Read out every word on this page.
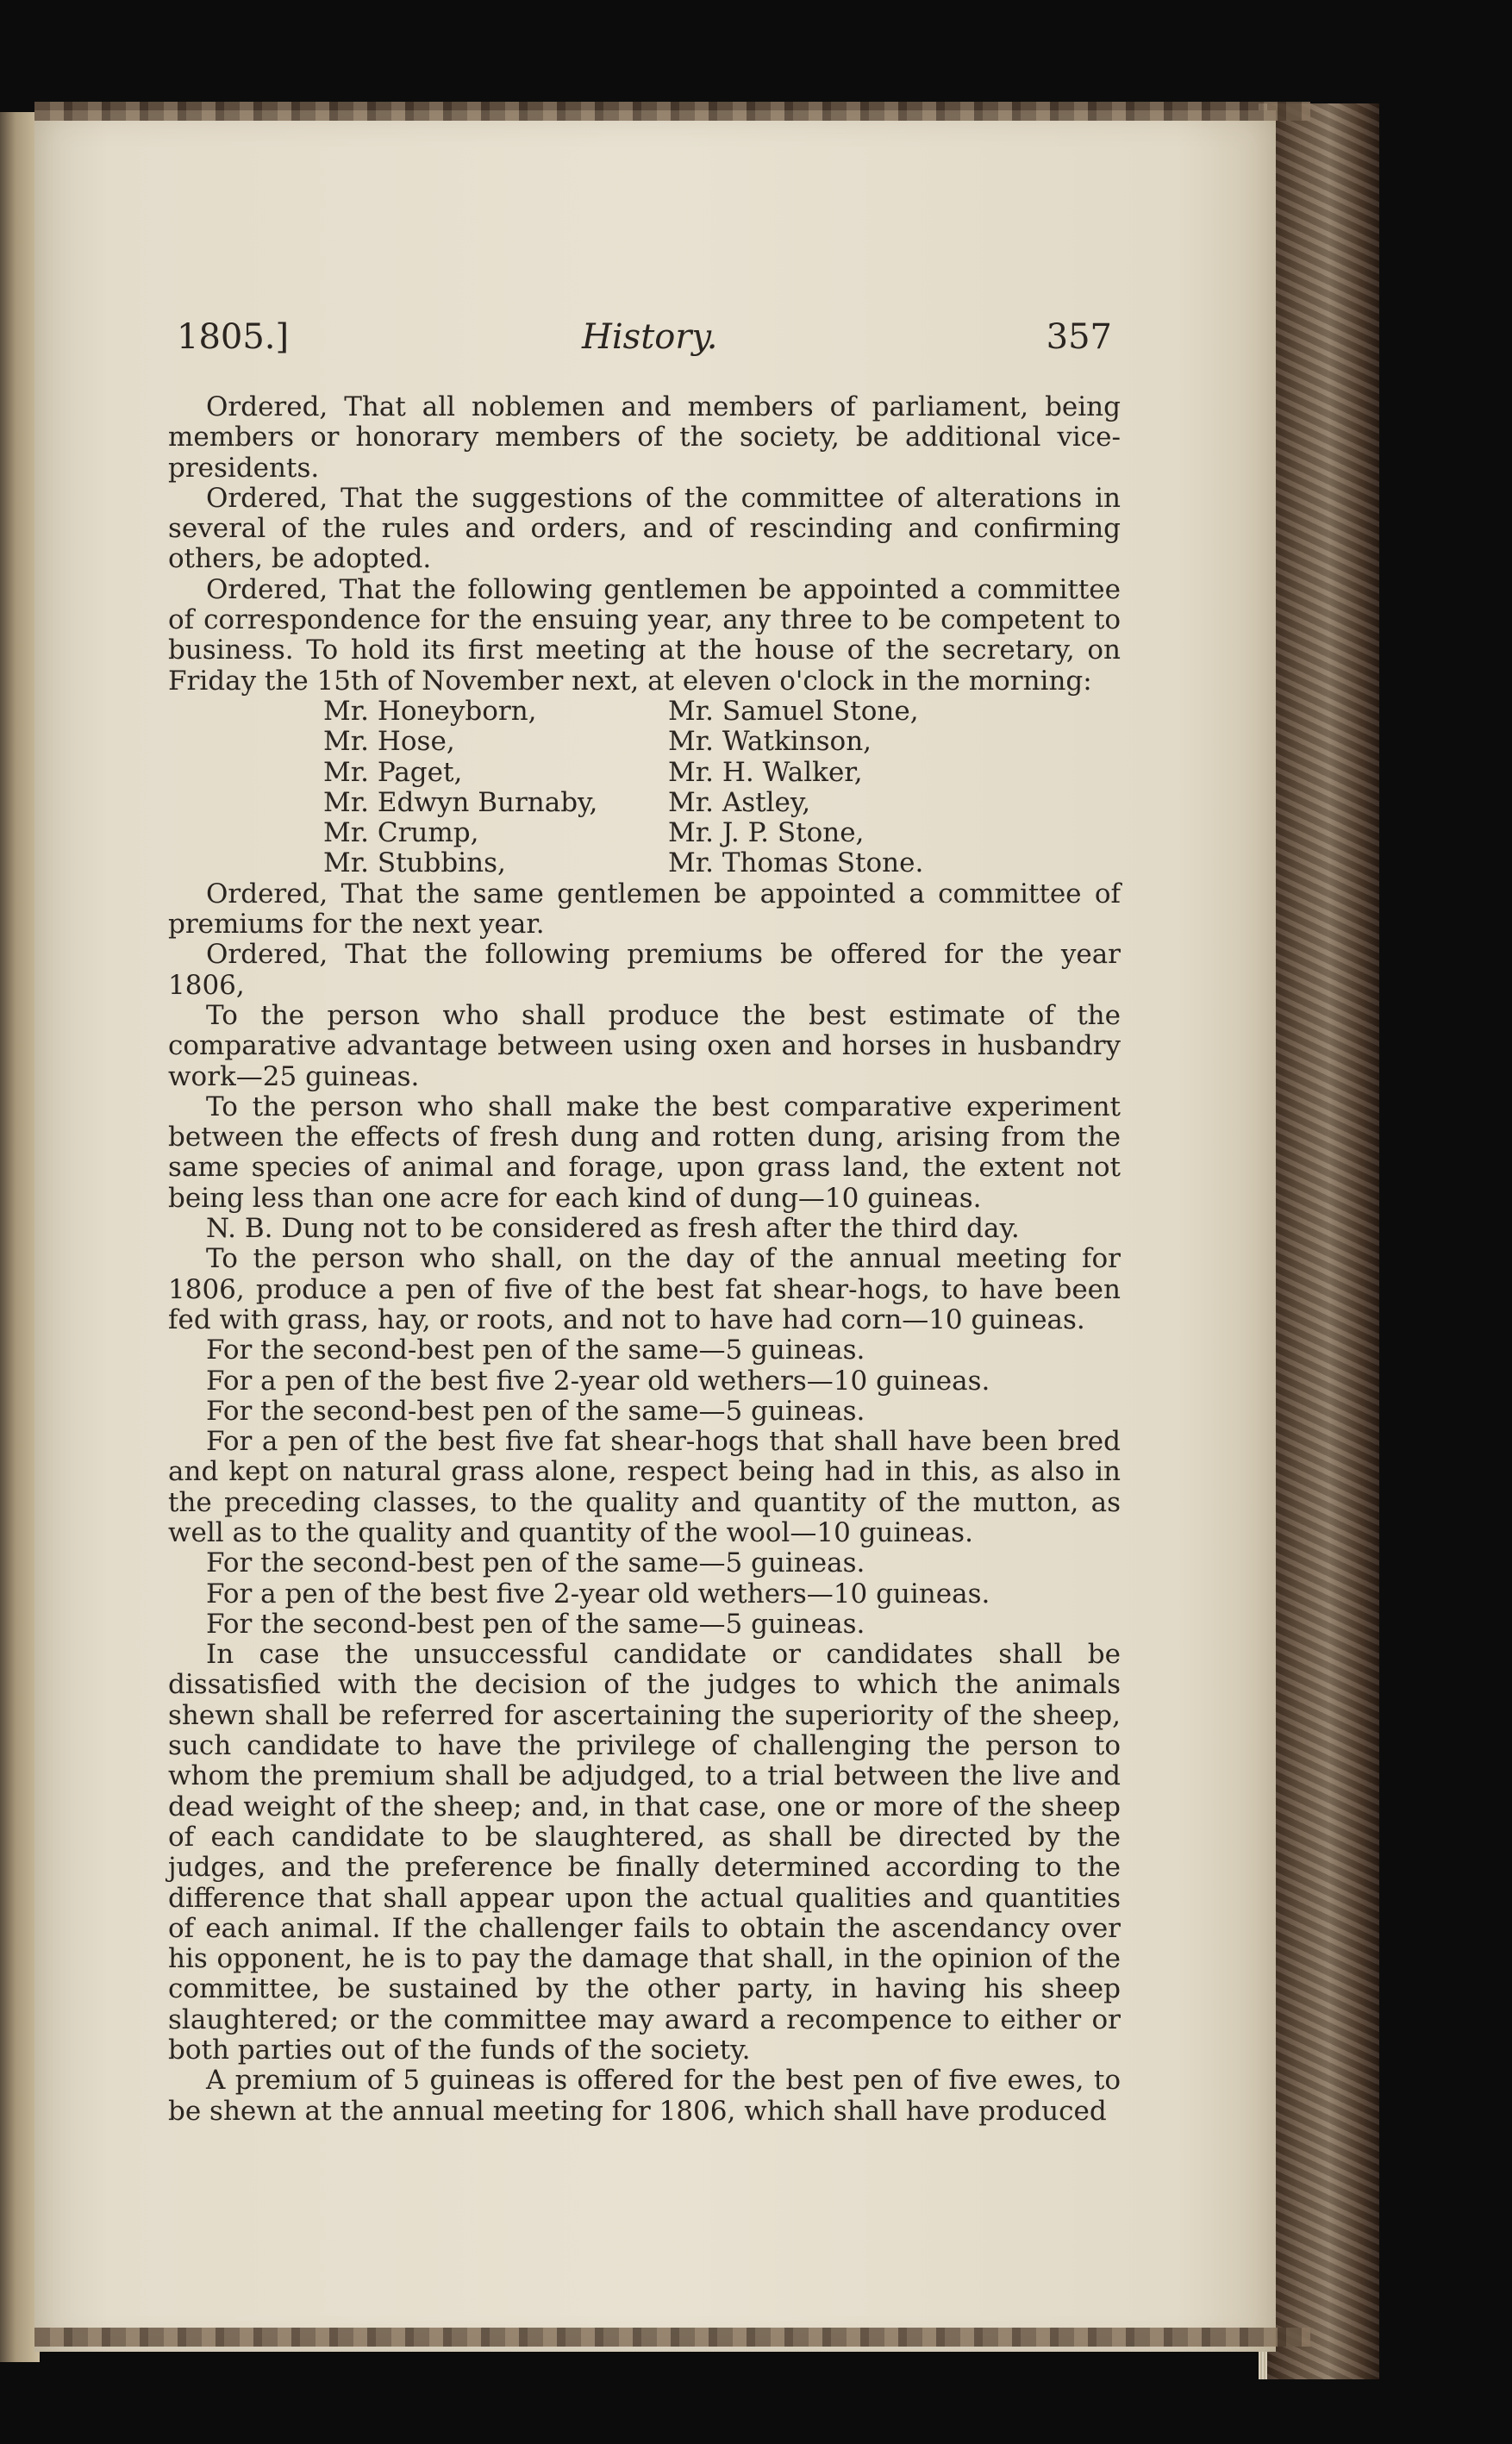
1805.]	History.	357

Ordered, That all noblemen and members of parliament, being members or honorary members of the society, be additional vice-presidents.

Ordered, That the suggestions of the committee of alterations in several of the rules and orders, and of rescinding and confirming others, be adopted.

Ordered, That the following gentlemen be appointed a committee of correspondence for the ensuing year, any three to be competent to business. To hold its first meeting at the house of the secretary, on Friday the 15th of November next, at eleven o'clock in the morning:

Mr. Honeyborn,	Mr. Samuel Stone,
Mr. Hose,	Mr. Watkinson,
Mr. Paget,	Mr. H. Walker,
Mr. Edwyn Burnaby,	Mr. Astley,
Mr. Crump,	Mr. J. P. Stone,
Mr. Stubbins,	Mr. Thomas Stone.

Ordered, That the same gentlemen be appointed a committee of premiums for the next year.

Ordered, That the following premiums be offered for the year 1806,

To the person who shall produce the best estimate of the comparative advantage between using oxen and horses in husbandry work—25 guineas.

To the person who shall make the best comparative experiment between the effects of fresh dung and rotten dung, arising from the same species of animal and forage, upon grass land, the extent not being less than one acre for each kind of dung—10 guineas.

N. B. Dung not to be considered as fresh after the third day.

To the person who shall, on the day of the annual meeting for 1806, produce a pen of five of the best fat shear-hogs, to have been fed with grass, hay, or roots, and not to have had corn—10 guineas.

For the second-best pen of the same—5 guineas.

For a pen of the best five 2-year old wethers—10 guineas.

For the second-best pen of the same—5 guineas.

For a pen of the best five fat shear-hogs that shall have been bred and kept on natural grass alone, respect being had in this, as also in the preceding classes, to the quality and quantity of the mutton, as well as to the quality and quantity of the wool—10 guineas.

For the second-best pen of the same—5 guineas.

For a pen of the best five 2-year old wethers—10 guineas.

For the second-best pen of the same—5 guineas.

In case the unsuccessful candidate or candidates shall be dissatisfied with the decision of the judges to which the animals shewn shall be referred for ascertaining the superiority of the sheep, such candidate to have the privilege of challenging the person to whom the premium shall be adjudged, to a trial between the live and dead weight of the sheep; and, in that case, one or more of the sheep of each candidate to be slaughtered, as shall be directed by the judges, and the preference be finally determined according to the difference that shall appear upon the actual qualities and quantities of each animal. If the challenger fails to obtain the ascendancy over his opponent, he is to pay the damage that shall, in the opinion of the committee, be sustained by the other party, in having his sheep slaughtered; or the committee may award a recompence to either or both parties out of the funds of the society.

A premium of 5 guineas is offered for the best pen of five ewes, to be shewn at the annual meeting for 1806, which shall have produced
